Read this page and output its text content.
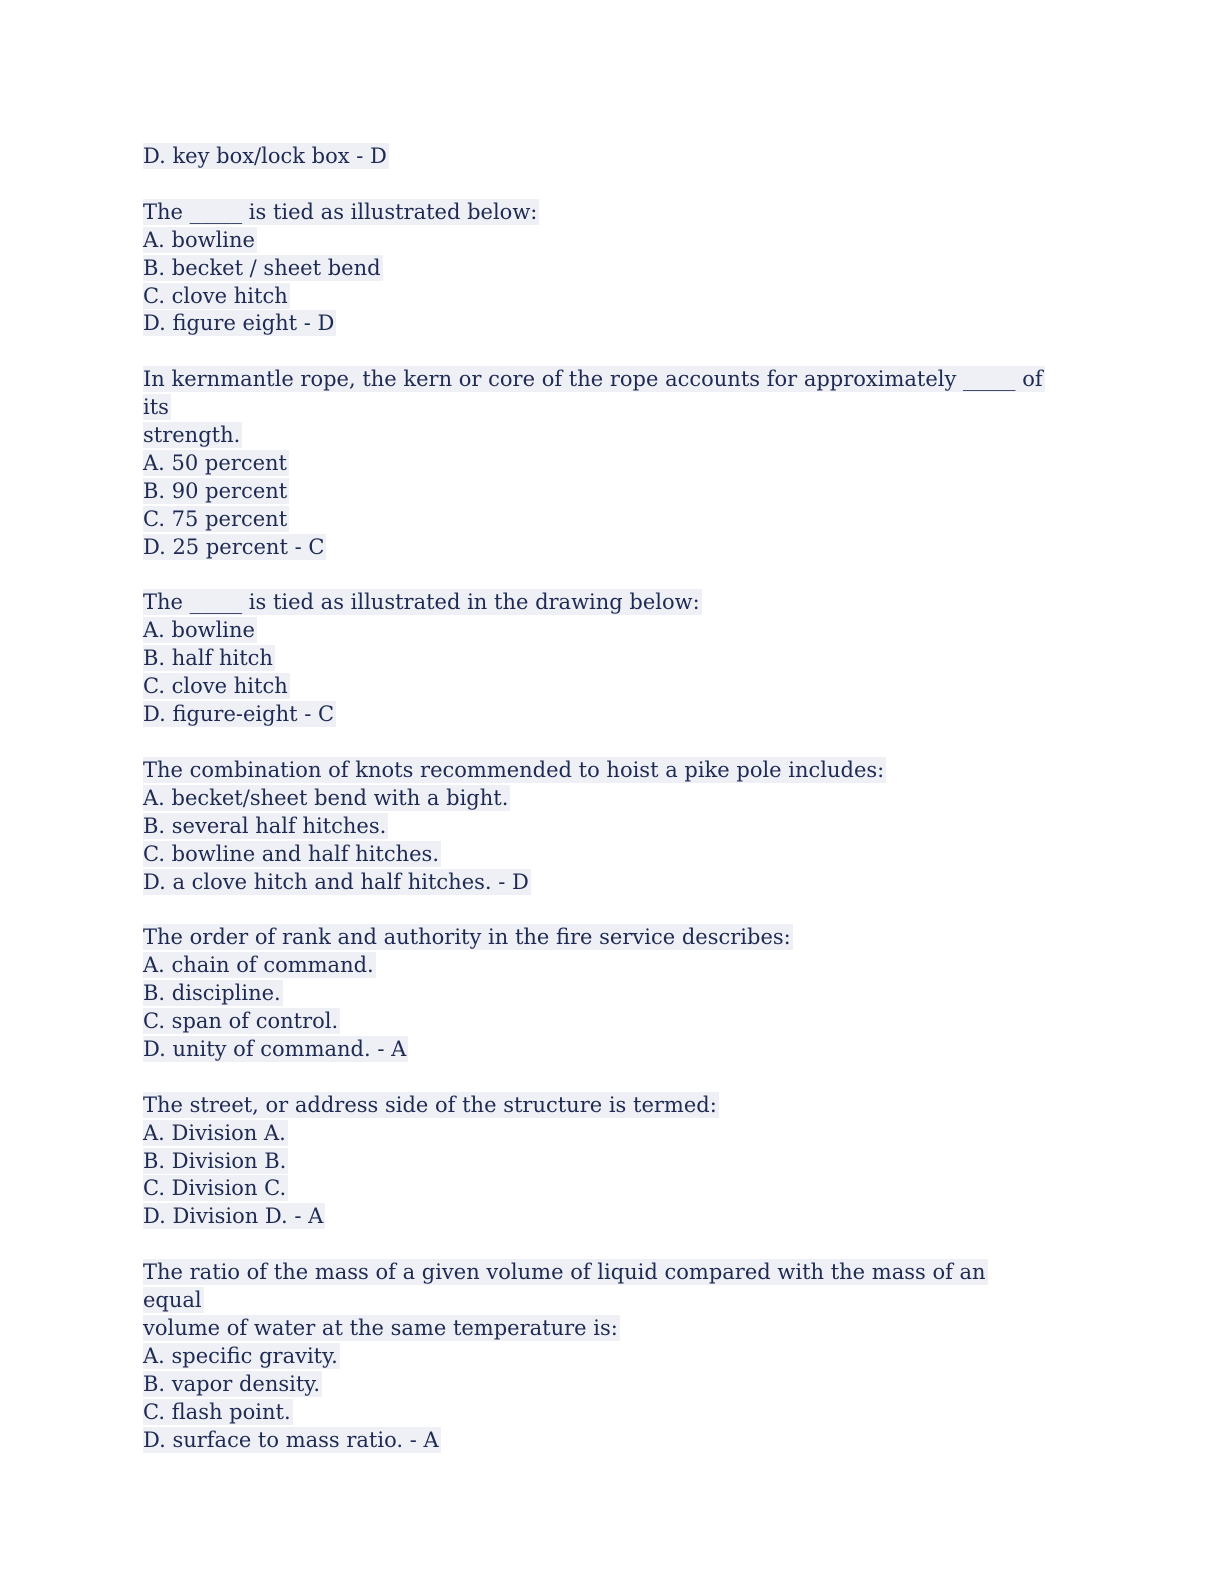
D. key box/lock box - D
The _____ is tied as illustrated below:
A. bowline
B. becket / sheet bend
C. clove hitch
D. figure eight - D
In kernmantle rope, the kern or core of the rope accounts for approximately _____ of its
strength.
A. 50 percent
B. 90 percent
C. 75 percent
D. 25 percent - C
The _____ is tied as illustrated in the drawing below:
A. bowline
B. half hitch
C. clove hitch
D. figure-eight - C
The combination of knots recommended to hoist a pike pole includes:
A. becket/sheet bend with a bight.
B. several half hitches.
C. bowline and half hitches.
D. a clove hitch and half hitches. - D
The order of rank and authority in the fire service describes:
A. chain of command.
B. discipline.
C. span of control.
D. unity of command. - A
The street, or address side of the structure is termed:
A. Division A.
B. Division B.
C. Division C.
D. Division D. - A
The ratio of the mass of a given volume of liquid compared with the mass of an equal
volume of water at the same temperature is:
A. specific gravity.
B. vapor density.
C. flash point.
D. surface to mass ratio. - A
